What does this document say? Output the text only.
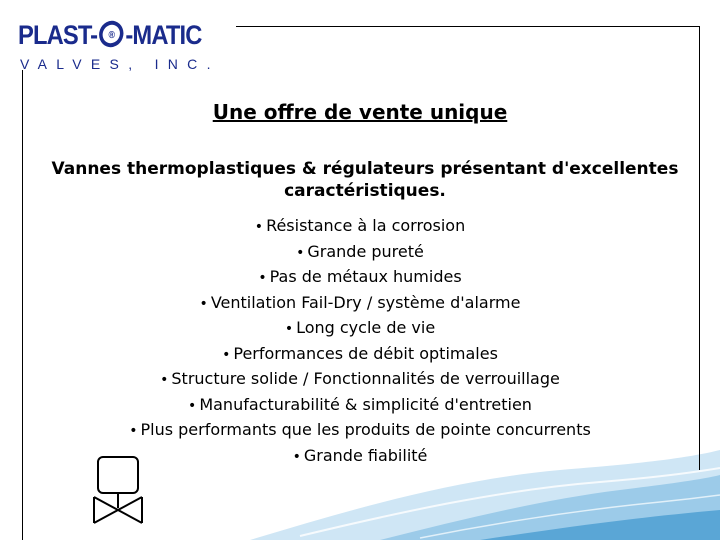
PLAST- ® -MATIC
VALVES, INC.
Une offre de vente unique
Vannes thermoplastiques & régulateurs présentant d'excellentes caractéristiques.
• Résistance à la corrosion
• Grande pureté
• Pas de métaux humides
• Ventilation Fail-Dry / système d'alarme
• Long cycle de vie
• Performances de débit optimales
• Structure solide / Fonctionnalités de verrouillage
• Manufacturabilité & simplicité d'entretien
• Plus performants que les produits de pointe concurrents
• Grande fiabilité
